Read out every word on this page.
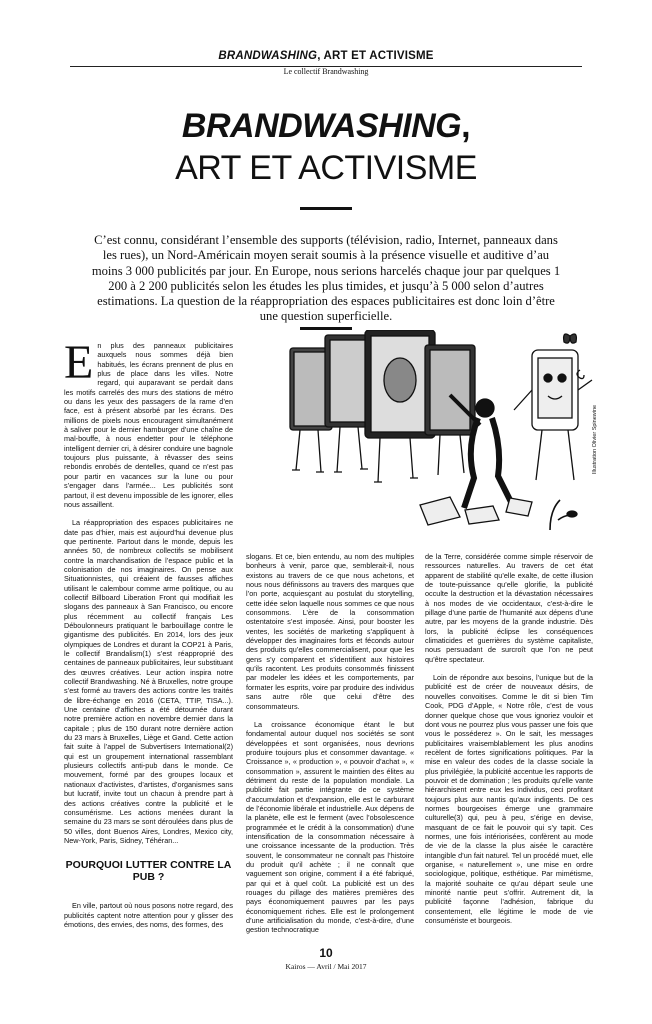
BRANDWASHING, ART ET ACTIVISME
Le collectif Brandwashing
BRANDWASHING,
ART ET ACTIVISME
C’est connu, considérant l’ensemble des supports (télévision, radio, Internet, panneaux dans les rues), un Nord-Américain moyen serait soumis à la présence visuelle et auditive d’au moins 3 000 publicités par jour. En Europe, nous serions harcelés chaque jour par quelques 1 200 à 2 200 publicités selon les études les plus timides, et jusqu’à 5 000 selon d’autres estimations. La question de la réappropriation des espaces publicitaires est donc loin d’être une question superficielle.
Illustration Olivier Spinewine

En plus des panneaux publicitaires auxquels nous sommes déjà bien habitués, les écrans prennent de plus en plus de place dans les villes. Notre regard, qui auparavant se perdait dans les motifs carrelés des murs des stations de métro ou dans les yeux des passagers de la rame d’en face, est à présent absorbé par les écrans. Des millions de pixels nous encouragent simultanément à saliver pour le dernier hamburger d’une chaîne de mal-bouffe, à nous endetter pour le téléphone intelligent dernier cri, à désirer conduire une bagnole toujours plus puissante, à rêvasser des seins rebondis enrobés de dentelles, quand ce n’est pas pour partir en vacances sur la lune ou pour s’engager dans l’armée... Les publicités sont partout, il est devenu impossible de les ignorer, elles nous assaillent.

La réappropriation des espaces publicitaires ne date pas d’hier, mais est aujourd’hui devenue plus que pertinente. Partout dans le monde, depuis les années 50, de nombreux collectifs se mobilisent contre la marchandisation de l’espace public et la colonisation de nos imaginaires. On pense aux Situationnistes, qui créaient de fausses affiches utilisant le calembour comme arme politique, ou au collectif Billboard Liberation Front qui modifiait les slogans des panneaux à San Francisco, ou encore plus récemment au collectif français Les Déboulonneurs pratiquant le barbouillage contre le gigantisme des publicités. En 2014, lors des jeux olympiques de Londres et durant la COP21 à Paris, le collectif Brandalism(1) s’est réapproprié des centaines de panneaux publicitaires, leur substituant des œuvres créatives. Leur action inspira notre collectif Brandwashing. Né à Bruxelles, notre groupe s’est formé au travers des actions contre les traités de libre-échange en 2016 (CETA, TTIP, TISA...). Une centaine d’affiches a été détournée durant notre première action en novembre dernier dans la capitale ; plus de 150 durant notre dernière action du 23 mars à Bruxelles, Liège et Gand. Cette action fait suite à l’appel de Subvertisers International(2) qui est un groupement international rassemblant plusieurs collectifs anti-pub dans le monde. Ce mouvement, formé par des groupes locaux et nationaux d’activistes, d’artistes, d’organismes sans but lucratif, invite tout un chacun à prendre part à des actions créatives contre la publicité et le consumérisme. Les actions menées durant la semaine du 23 mars se sont déroulées dans plus de 50 villes, dont Buenos Aires, Londres, Mexico city, New-York, Paris, Sidney, Téhéran...

POURQUOI LUTTER CONTRE LA PUB ?

En ville, partout où nous posons notre regard, des publicités captent notre attention pour y glisser des émotions, des envies, des noms, des formes, des

slogans. Et ce, bien entendu, au nom des multiples bonheurs à venir, parce que, semblerait-il, nous existons au travers de ce que nous achetons, et nous nous définissons au travers des marques que l’on porte, acquiesçant au postulat du storytelling, cette idée selon laquelle nous sommes ce que nous consommons. L’ère de la consommation ostentatoire s’est imposée. Ainsi, pour booster les ventes, les sociétés de marketing s’appliquent à développer des imaginaires forts et féconds autour des produits qu’elles commercialisent, pour que les gens s’y comparent et s’identifient aux histoires qu’ils racontent. Les produits consommés finissent par modeler les idées et les comportements, par formater les esprits, voire par produire des individus sans autre rôle que celui d’être des consommateurs.

La croissance économique étant le but fondamental autour duquel nos sociétés se sont développées et sont organisées, nous devrions produire toujours plus et consommer davantage. « Croissance », « production », « pouvoir d’achat », « consommation », assurent le maintien des élites au détriment du reste de la population mondiale. La publicité fait partie intégrante de ce système d’accumulation et d’expansion, elle est le carburant de l’économie libérale et industrielle. Aux dépens de la planète, elle est le ferment (avec l’obsolescence programmée et le crédit à la consommation) d’une intensification de la consommation nécessaire à une croissance incessante de la production. Très souvent, le consommateur ne connaît pas l’histoire du produit qu’il achète ; il ne connaît que vaguement son origine, comment il a été fabriqué, par qui et à quel coût. La publicité est un des rouages du pillage des matières premières des pays économiquement pauvres par les pays économiquement riches. Elle est le prolongement d’une artificialisation du monde, c’est-à-dire, d’une gestion technocratique

de la Terre, considérée comme simple réservoir de ressources naturelles. Au travers de cet état apparent de stabilité qu’elle exalte, de cette illusion de toute-puissance qu’elle glorifie, la publicité occulte la destruction et la dévastation nécessaires à nos modes de vie occidentaux, c’est-à-dire le pillage d’une partie de l’humanité aux dépens d’une autre, par les moyens de la grande industrie. Dès lors, la publicité éclipse les conséquences climaticides et guerrières du système capitaliste, nous persuadant de surcroît que l’on ne peut qu’être spectateur.

Loin de répondre aux besoins, l’unique but de la publicité est de créer de nouveaux désirs, de nouvelles convoitises. Comme le dit si bien Tim Cook, PDG d’Apple, « Notre rôle, c’est de vous donner quelque chose que vous ignoriez vouloir et dont vous ne pourrez plus vous passer une fois que vous le posséderez ». On le sait, les messages publicitaires vraisemblablement les plus anodins recèlent de fortes significations politiques. Par la mise en valeur des codes de la classe sociale la plus privilégiée, la publicité accentue les rapports de pouvoir et de domination ; les produits qu’elle vante hiérarchisent entre eux les individus, ceci profitant toujours plus aux nantis qu’aux indigents. De ces normes bourgeoises émerge une grammaire culturelle(3) qui, peu à peu, s’érige en devise, masquant de ce fait le pouvoir qui s’y tapit. Ces normes, une fois intériorisées, confèrent au mode de vie de la classe la plus aisée le caractère intangible d’un fait naturel. Tel un procédé muet, elle organise, « naturellement », une mise en ordre sociologique, politique, esthétique. Par mimétisme, la majorité souhaite ce qu’au départ seule une minorité nantie peut s’offrir. Autrement dit, la publicité façonne l’adhésion, fabrique du consentement, elle légitime le mode de vie consumériste et bourgeois.

10
Kairos — Avril / Mai 2017
